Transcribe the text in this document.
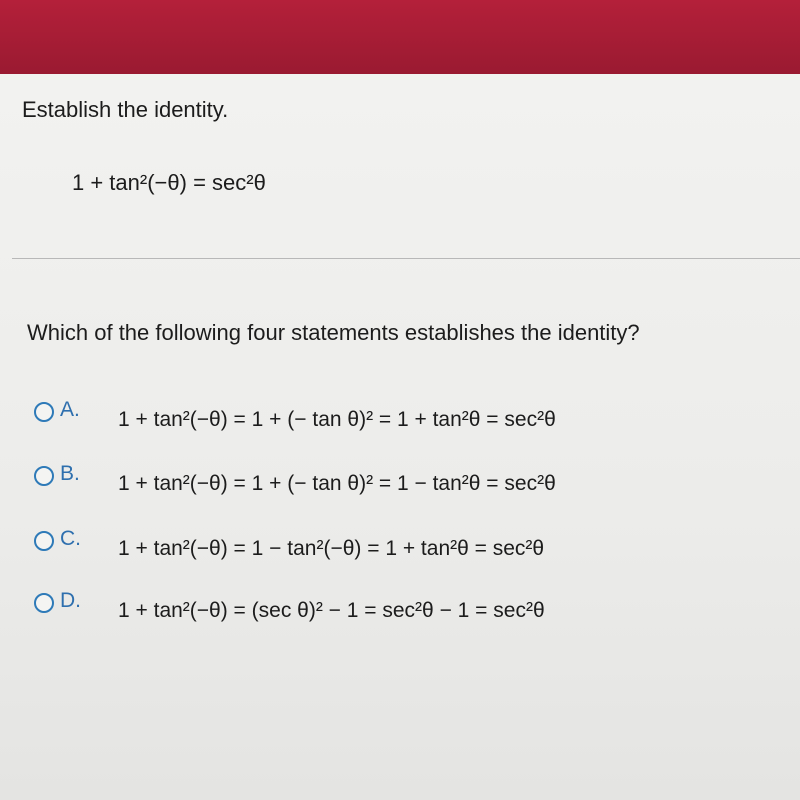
Establish the identity.
1 + tan²(−θ) = sec²θ
Which of the following four statements establishes the identity?
A. 1 + tan²(−θ) = 1 + (− tan θ)² = 1 + tan²θ = sec²θ
B. 1 + tan²(−θ) = 1 + (− tan θ)² = 1 − tan²θ = sec²θ
C. 1 + tan²(−θ) = 1 − tan²(−θ) = 1 + tan²θ = sec²θ
D. 1 + tan²(−θ) = (sec θ)² − 1 = sec²θ − 1 = sec²θ
